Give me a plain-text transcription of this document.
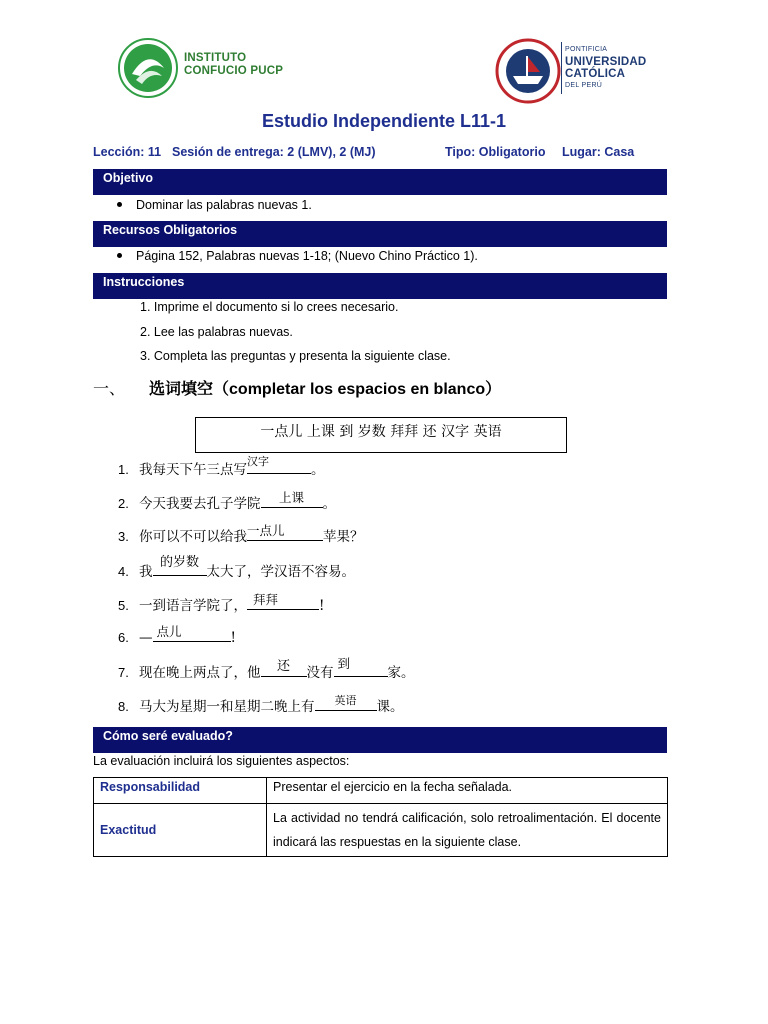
INSTITUTO
CONFUCIO PUCP
PONTIFICIA
UNIVERSIDAD
CATÓLICA
DEL PERÚ
Estudio Independiente L11-1
Lección: 11 Sesión de entrega: 2 (LMV), 2 (MJ)	Tipo: Obligatorio Lugar: Casa
Objetivo
Dominar las palabras nuevas 1.
Recursos Obligatorios
Página 152, Palabras nuevas 1-18; (Nuevo Chino Práctico 1).
Instrucciones
1. Imprime el documento si lo crees necesario.
2. Lee las palabras nuevas.
3. Completa las preguntas y presenta la siguiente clase.
一、 选词填空（completar los espacios en blanco）
一点儿 上课 到 岁数 拜拜 还 汉字 英语
1. 我每天下午三点写
汉字
。
2. 今天我要去孔子学院	上课	。
3. 你可以不可以给我 一点儿	苹果？
4. 我
的岁数
太大了，学汉语不容易。
5. 一到语言学院了， 拜拜	!
6. — 点儿	!
7. 现在晚上两点了，他	还	没有
到
家。
8. 马大为星期一和星期二晚上有	英语	课。
Cómo seré evaluado?
La evaluación incluirá los siguientes aspectos:
Responsabilidad	Presentar el ejercicio en la fecha señalada.
Exactitud	La actividad no tendrá calificación, solo retroalimentación. El docente indicará las respuestas en la siguiente clase.
